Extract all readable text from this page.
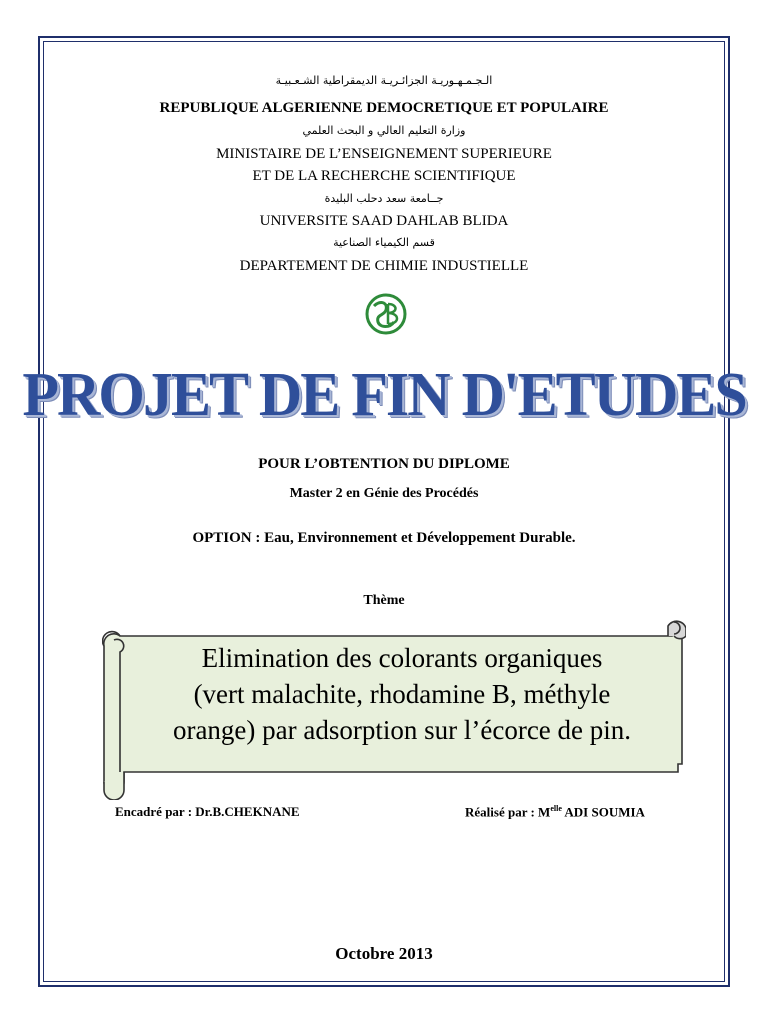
الـجـمـهـوريـة الجزائـريـة الديمقراطية الشـعـبيـة
REPUBLIQUE ALGERIENNE DEMOCRETIQUE ET POPULAIRE
وزارة التعليم العالي و البحث العلمي
MINISTAIRE DE L’ENSEIGNEMENT SUPERIEURE
ET DE LA RECHERCHE SCIENTIFIQUE
جــامعة سعد دحلب البليدة
UNIVERSITE SAAD DAHLAB BLIDA
قسم الكيمياء الصناعية
DEPARTEMENT DE CHIMIE INDUSTIELLE
PROJET DE FIN D'ETUDES
POUR L’OBTENTION DU DIPLOME
Master 2 en Génie des Procédés
OPTION : Eau, Environnement et Développement Durable.
Thème
Elimination des colorants organiques
(vert malachite, rhodamine B, méthyle
orange) par adsorption sur l’écorce de pin.
Encadré par : Dr.B.CHEKNANE	Réalisé par : $M^{elle}$ ADI SOUMIA
Octobre 2013
